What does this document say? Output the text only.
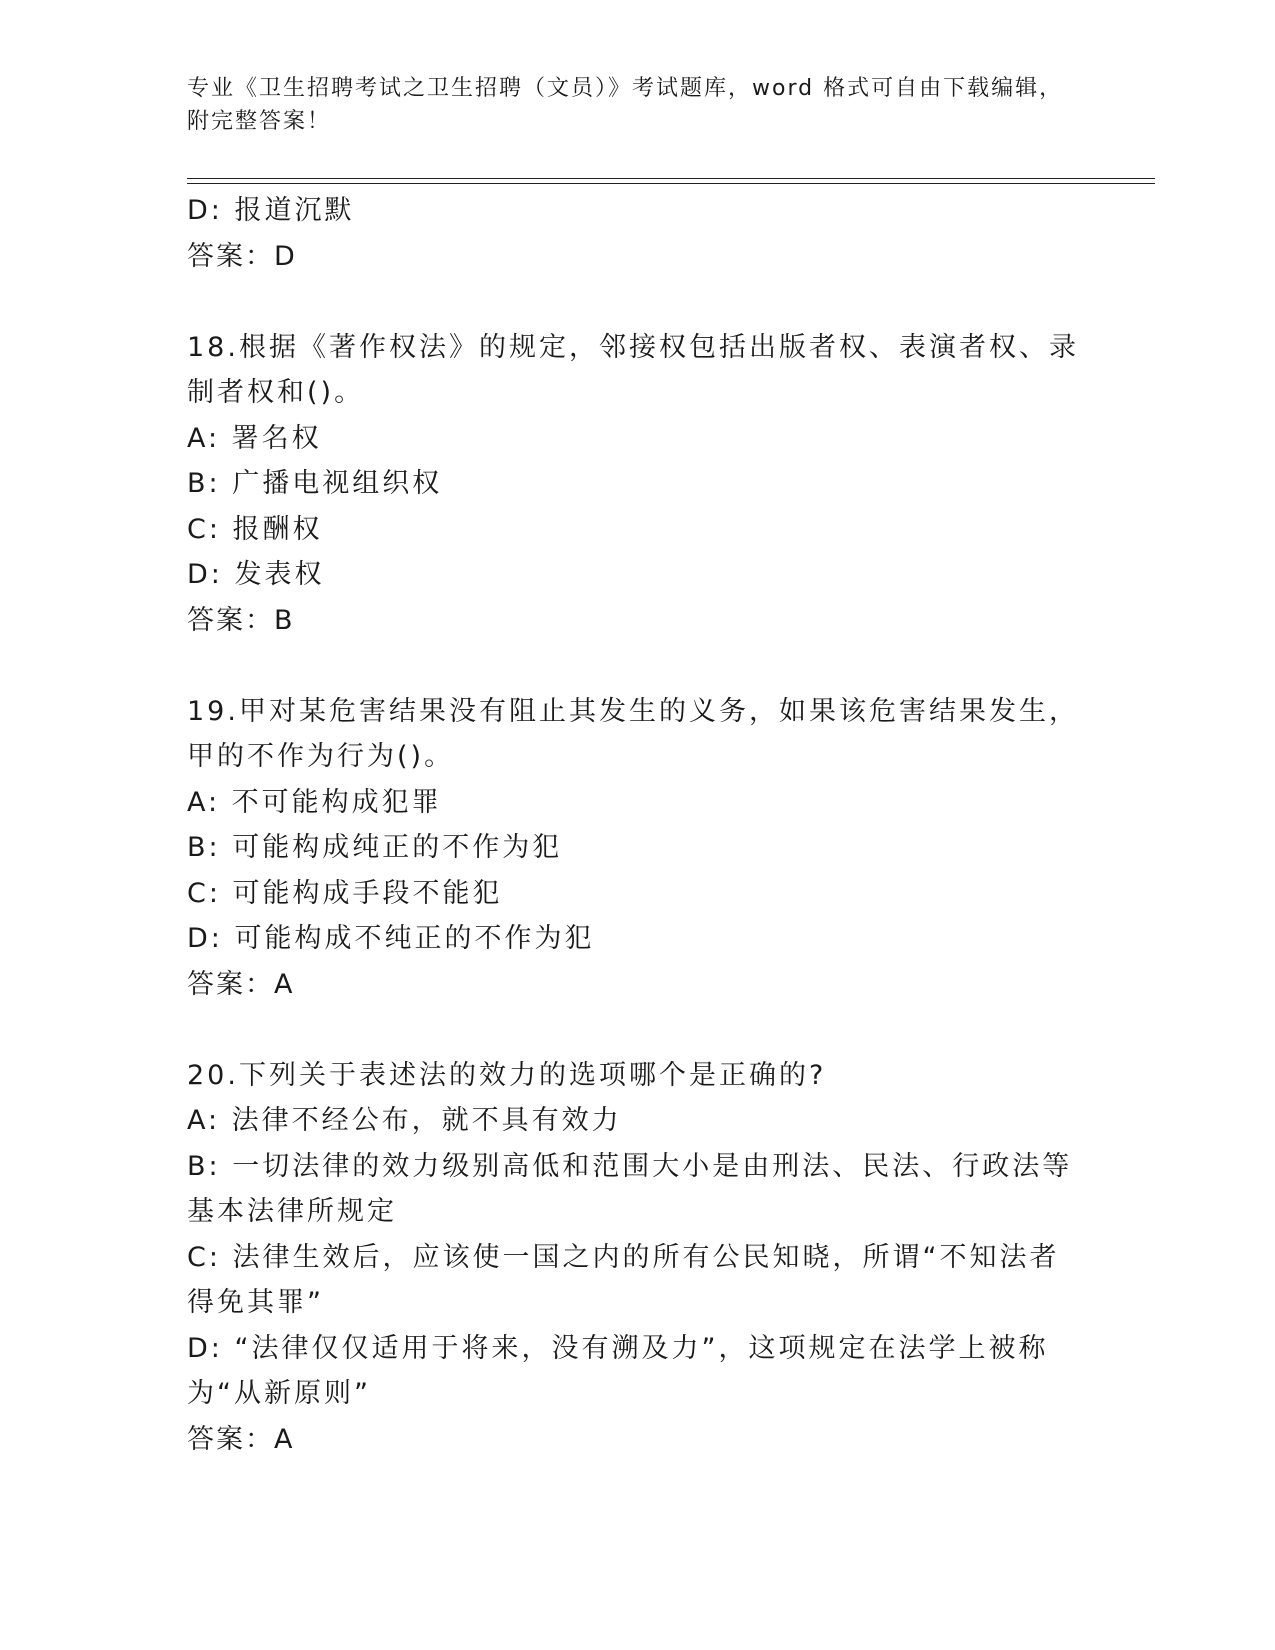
专业《卫生招聘考试之卫生招聘（文员）》考试题库，word 格式可自由下载编辑，附完整答案！
D: 报道沉默
答案：D
18.根据《著作权法》的规定，邻接权包括出版者权、表演者权、录制者权和()。
A: 署名权
B: 广播电视组织权
C: 报酬权
D: 发表权
答案：B
19.甲对某危害结果没有阻止其发生的义务，如果该危害结果发生，甲的不作为行为()。
A: 不可能构成犯罪
B: 可能构成纯正的不作为犯
C: 可能构成手段不能犯
D: 可能构成不纯正的不作为犯
答案：A
20.下列关于表述法的效力的选项哪个是正确的?
A: 法律不经公布，就不具有效力
B: 一切法律的效力级别高低和范围大小是由刑法、民法、行政法等基本法律所规定
C: 法律生效后，应该使一国之内的所有公民知晓，所谓“不知法者得免其罪”
D: “法律仅仅适用于将来，没有溯及力”，这项规定在法学上被称为“从新原则”
答案：A
